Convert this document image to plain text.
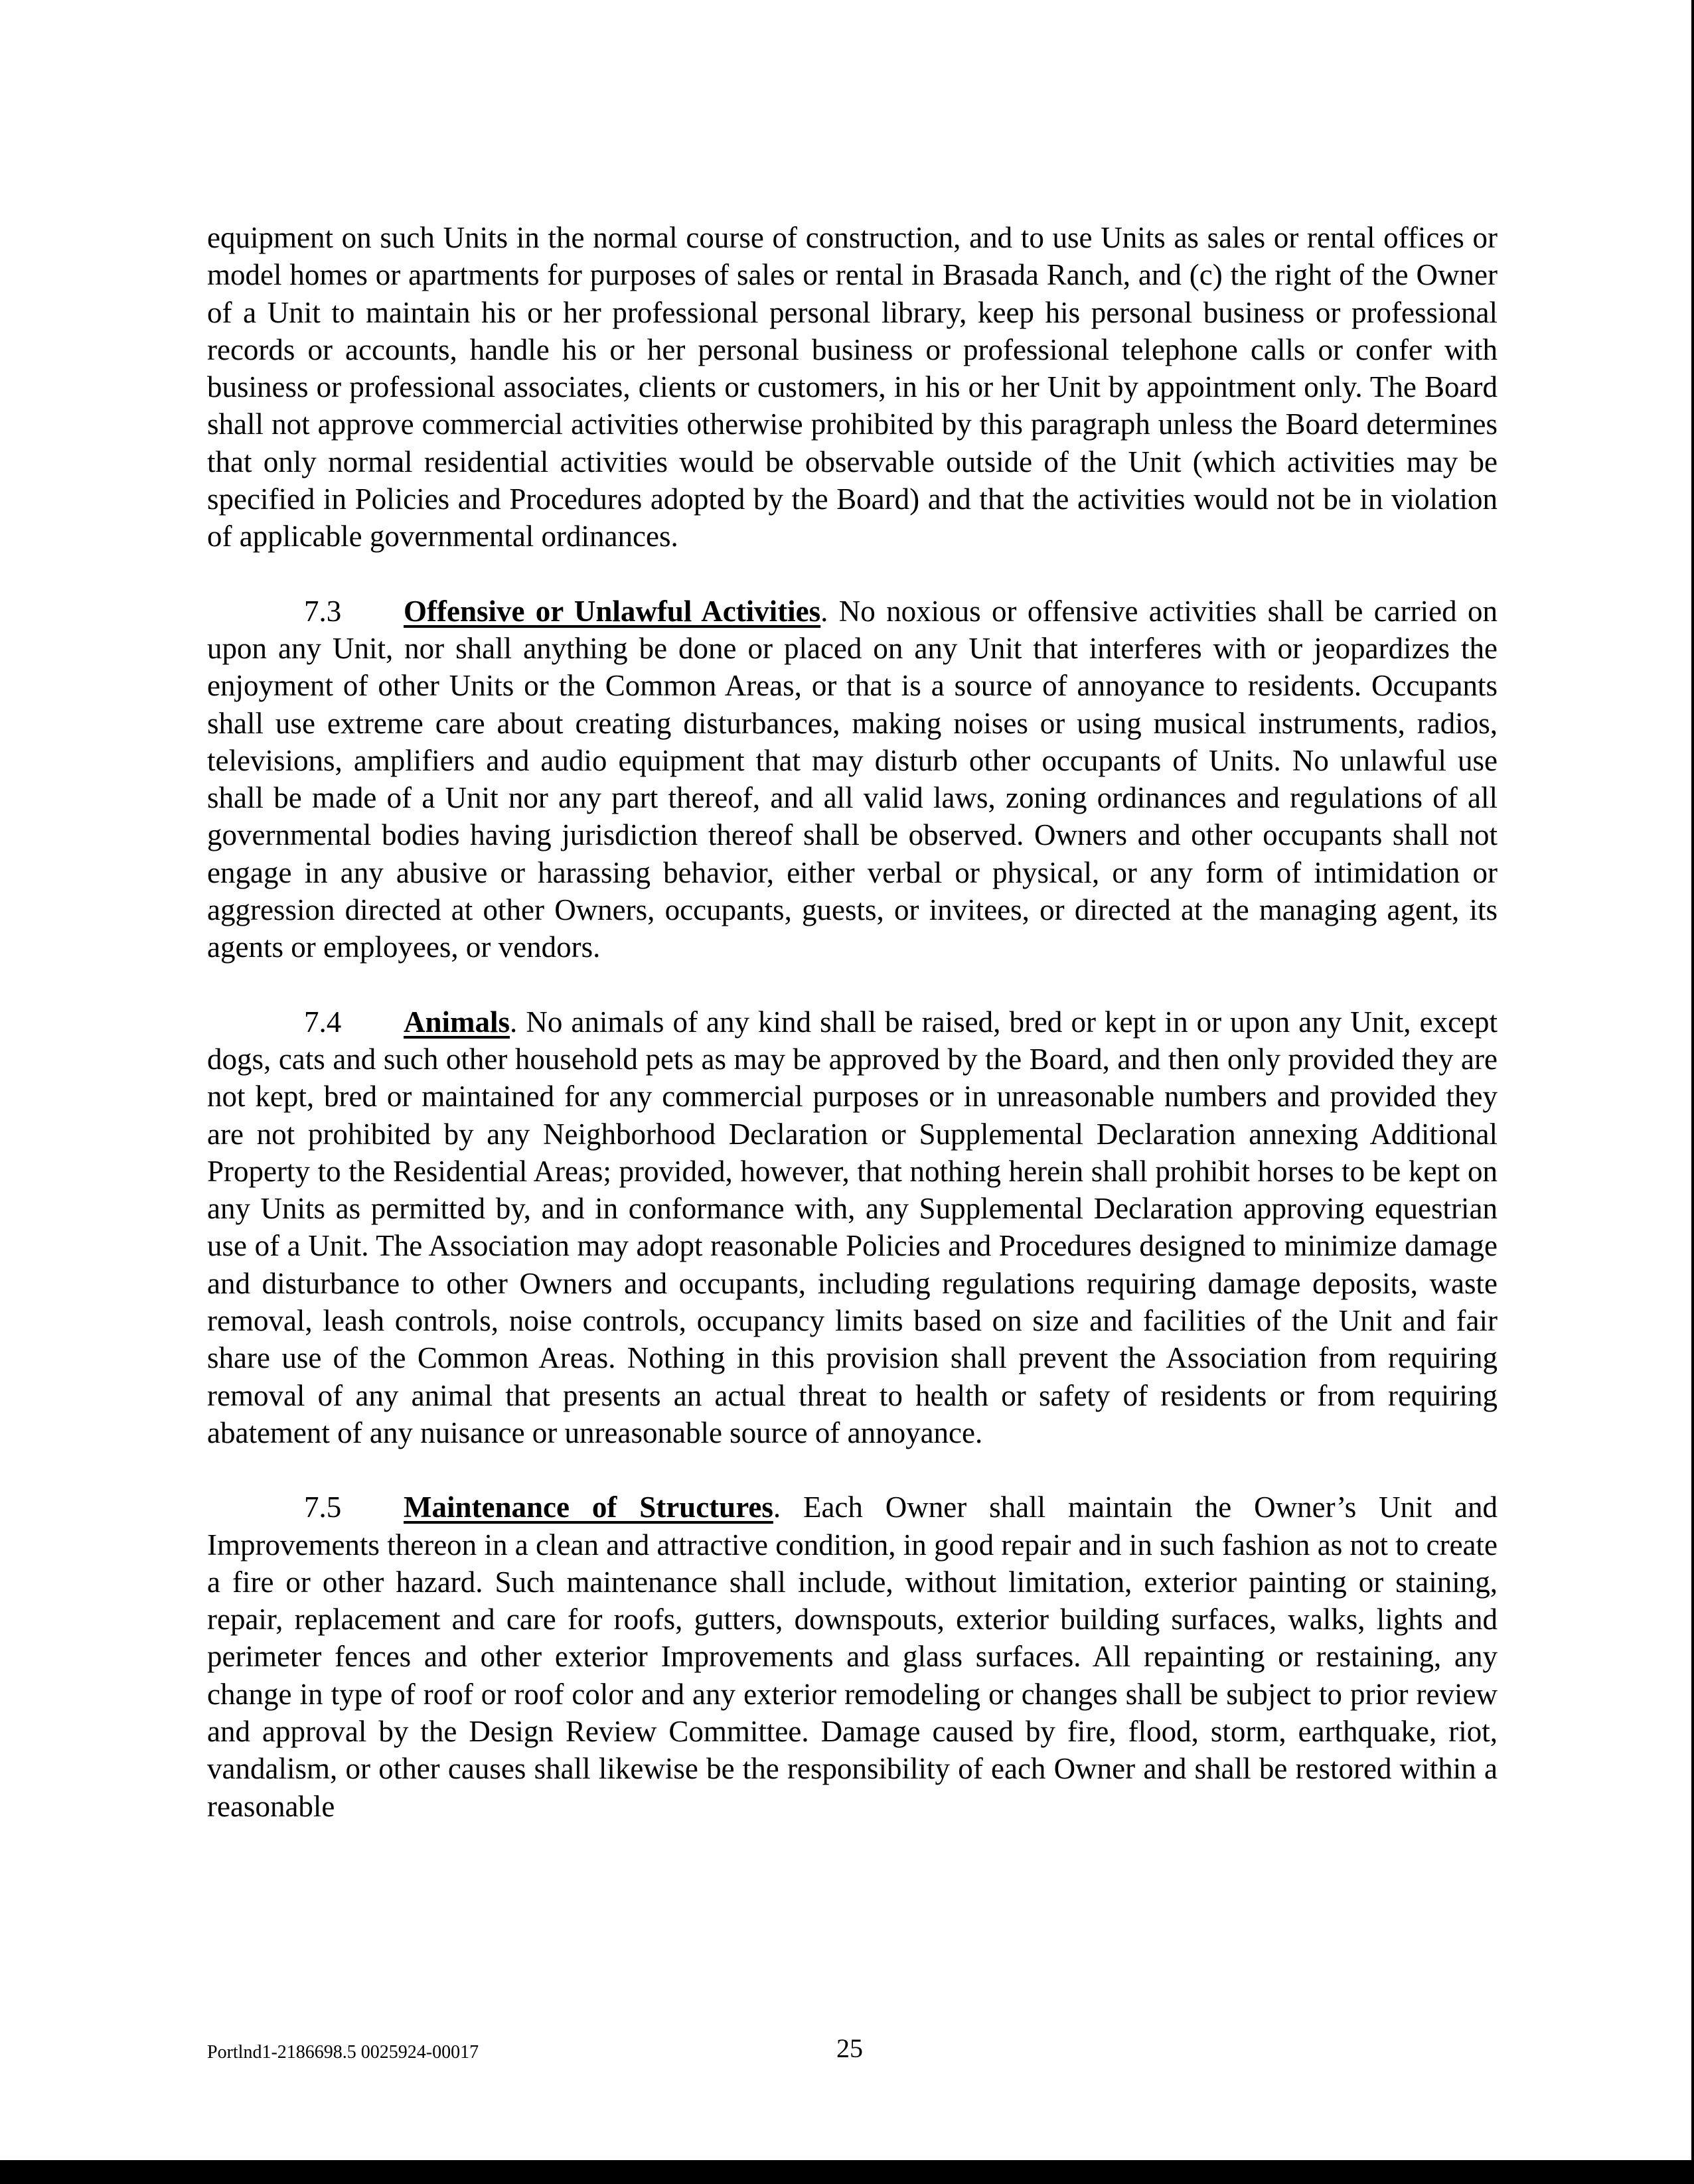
equipment on such Units in the normal course of construction, and to use Units as sales or rental offices or model homes or apartments for purposes of sales or rental in Brasada Ranch, and (c) the right of the Owner of a Unit to maintain his or her professional personal library, keep his personal business or professional records or accounts, handle his or her personal business or professional telephone calls or confer with business or professional associates, clients or customers, in his or her Unit by appointment only. The Board shall not approve commercial activities otherwise prohibited by this paragraph unless the Board determines that only normal residential activities would be observable outside of the Unit (which activities may be specified in Policies and Procedures adopted by the Board) and that the activities would not be in violation of applicable governmental ordinances.

7.3 Offensive or Unlawful Activities. No noxious or offensive activities shall be carried on upon any Unit, nor shall anything be done or placed on any Unit that interferes with or jeopardizes the enjoyment of other Units or the Common Areas, or that is a source of annoyance to residents. Occupants shall use extreme care about creating disturbances, making noises or using musical instruments, radios, televisions, amplifiers and audio equipment that may disturb other occupants of Units. No unlawful use shall be made of a Unit nor any part thereof, and all valid laws, zoning ordinances and regulations of all governmental bodies having jurisdiction thereof shall be observed. Owners and other occupants shall not engage in any abusive or harassing behavior, either verbal or physical, or any form of intimidation or aggression directed at other Owners, occupants, guests, or invitees, or directed at the managing agent, its agents or employees, or vendors.

7.4 Animals. No animals of any kind shall be raised, bred or kept in or upon any Unit, except dogs, cats and such other household pets as may be approved by the Board, and then only provided they are not kept, bred or maintained for any commercial purposes or in unreasonable numbers and provided they are not prohibited by any Neighborhood Declaration or Supplemental Declaration annexing Additional Property to the Residential Areas; provided, however, that nothing herein shall prohibit horses to be kept on any Units as permitted by, and in conformance with, any Supplemental Declaration approving equestrian use of a Unit. The Association may adopt reasonable Policies and Procedures designed to minimize damage and disturbance to other Owners and occupants, including regulations requiring damage deposits, waste removal, leash controls, noise controls, occupancy limits based on size and facilities of the Unit and fair share use of the Common Areas. Nothing in this provision shall prevent the Association from requiring removal of any animal that presents an actual threat to health or safety of residents or from requiring abatement of any nuisance or unreasonable source of annoyance.

7.5 Maintenance of Structures. Each Owner shall maintain the Owner’s Unit and Improvements thereon in a clean and attractive condition, in good repair and in such fashion as not to create a fire or other hazard. Such maintenance shall include, without limitation, exterior painting or staining, repair, replacement and care for roofs, gutters, downspouts, exterior building surfaces, walks, lights and perimeter fences and other exterior Improvements and glass surfaces. All repainting or restaining, any change in type of roof or roof color and any exterior remodeling or changes shall be subject to prior review and approval by the Design Review Committee. Damage caused by fire, flood, storm, earthquake, riot, vandalism, or other causes shall likewise be the responsibility of each Owner and shall be restored within a reasonable

Portlnd1-2186698.5 0025924-00017	25
